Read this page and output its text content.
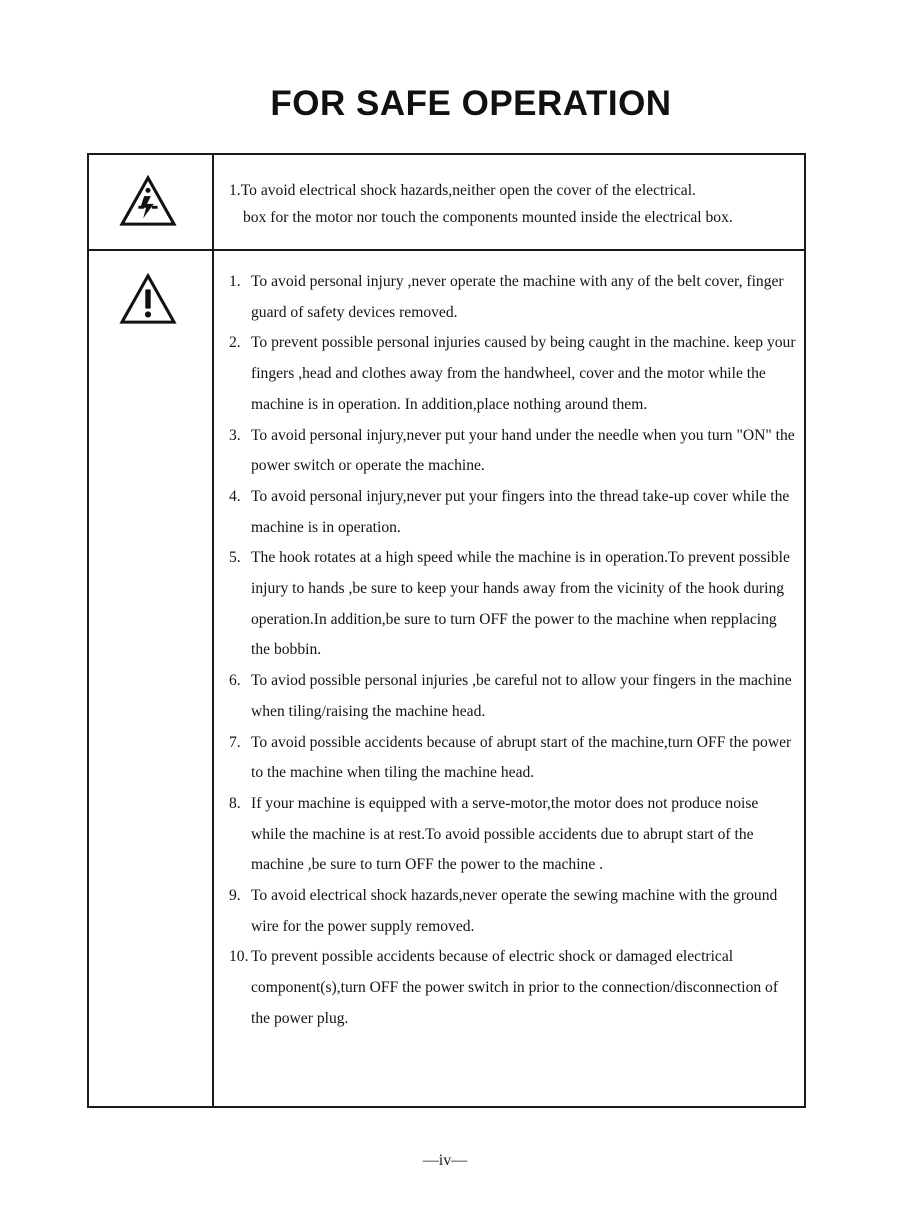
FOR SAFE OPERATION
1.To avoid electrical shock hazards,neither open the cover of the electrical.
box for the motor nor touch the components mounted inside the electrical box.
1. To avoid personal injury ,never operate the machine with any of the belt cover, finger guard of safety devices removed.
2. To prevent possible personal injuries caused by being caught in the machine. keep your fingers ,head and clothes away from the handwheel, cover and the motor while the machine is in operation. In addition,place nothing around them.
3. To avoid personal injury,never put your hand under the needle when you turn "ON" the power switch or operate the machine.
4. To avoid personal injury,never put your fingers into the thread take-up cover while the machine is in operation.
5. The hook rotates at a high speed while the machine is in operation.To prevent possible injury to hands ,be sure to keep your hands away from the vicinity of the hook during operation.In addition,be sure to turn OFF the power to the machine when repplacing the bobbin.
6. To aviod possible personal injuries ,be careful not to allow your fingers in the machine when tiling/raising the machine head.
7. To avoid possible accidents because of abrupt start of the machine,turn OFF the power to the machine when tiling the machine head.
8. If your machine is equipped with a serve-motor,the motor does not produce noise while the machine is at rest.To avoid possible accidents due to abrupt start of the machine ,be sure to turn OFF the power to the machine .
9. To avoid electrical shock hazards,never operate the sewing machine with the ground wire for the power supply removed.
10. To prevent possible accidents because of electric shock or damaged electrical component(s),turn OFF the power switch in prior to the connection/disconnection of the power plug.
—iv—
